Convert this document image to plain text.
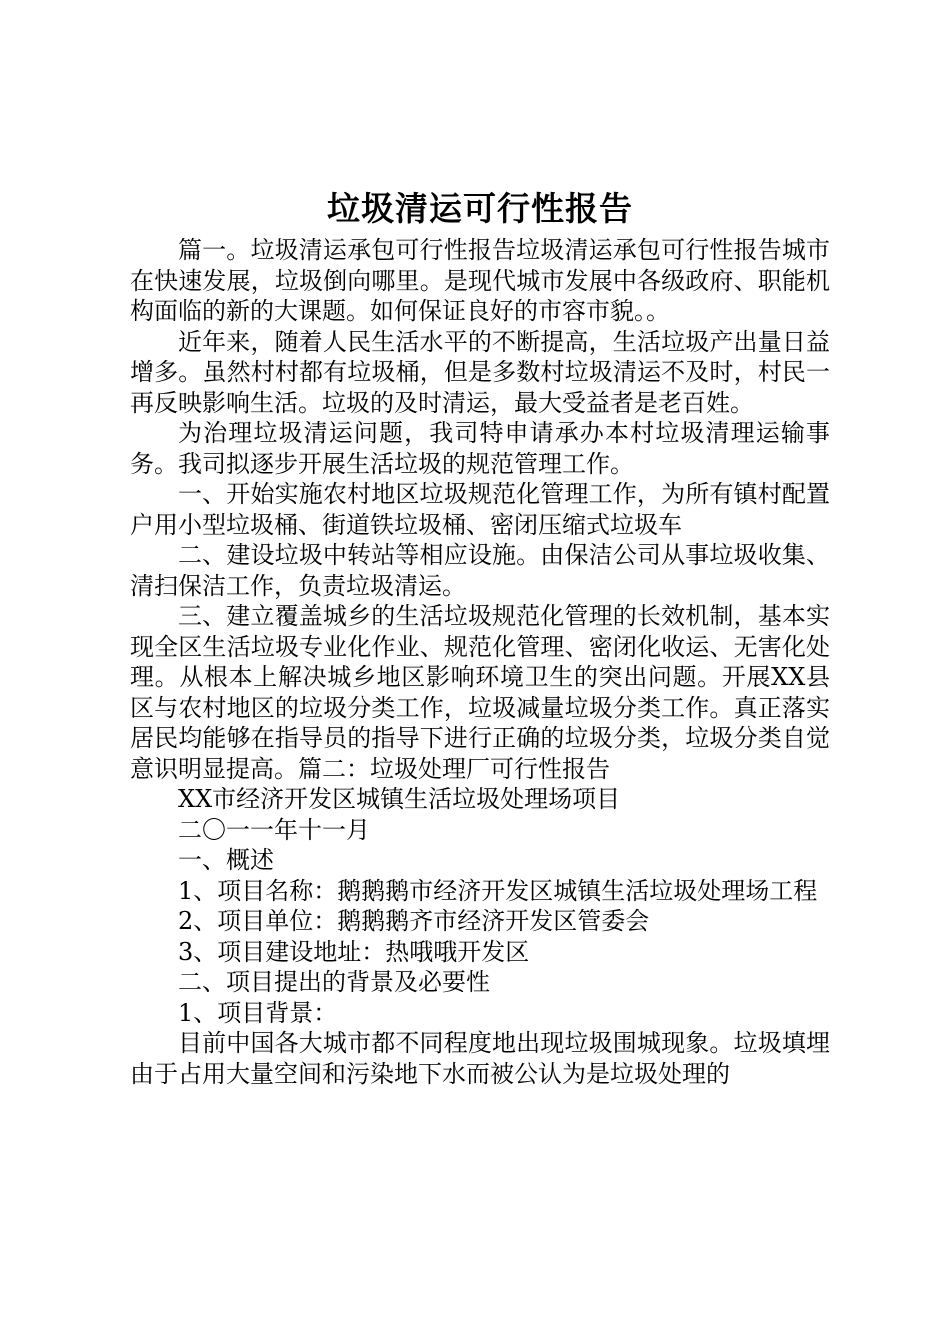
垃圾清运可行性报告

篇一。垃圾清运承包可行性报告垃圾清运承包可行性报告城市在快速发展，垃圾倒向哪里。是现代城市发展中各级政府、职能机构面临的新的大课题。如何保证良好的市容市貌。。

近年来，随着人民生活水平的不断提高，生活垃圾产出量日益增多。虽然村村都有垃圾桶，但是多数村垃圾清运不及时，村民一再反映影响生活。垃圾的及时清运，最大受益者是老百姓。

为治理垃圾清运问题，我司特申请承办本村垃圾清理运输事务。我司拟逐步开展生活垃圾的规范管理工作。

一、开始实施农村地区垃圾规范化管理工作，为所有镇村配置户用小型垃圾桶、街道铁垃圾桶、密闭压缩式垃圾车

二、建设垃圾中转站等相应设施。由保洁公司从事垃圾收集、清扫保洁工作，负责垃圾清运。

三、建立覆盖城乡的生活垃圾规范化管理的长效机制，基本实现全区生活垃圾专业化作业、规范化管理、密闭化收运、无害化处理。从根本上解决城乡地区影响环境卫生的突出问题。开展XX县区与农村地区的垃圾分类工作，垃圾减量垃圾分类工作。真正落实居民均能够在指导员的指导下进行正确的垃圾分类，垃圾分类自觉意识明显提高。篇二：垃圾处理厂可行性报告

XX市经济开发区城镇生活垃圾处理场项目

二〇一一年十一月

一、概述

1、项目名称：鹅鹅鹅市经济开发区城镇生活垃圾处理场工程

2、项目单位：鹅鹅鹅齐市经济开发区管委会

3、项目建设地址：热哦哦开发区

二、项目提出的背景及必要性

1、项目背景：

目前中国各大城市都不同程度地出现垃圾围城现象。垃圾填埋由于占用大量空间和污染地下水而被公认为是垃圾处理的
